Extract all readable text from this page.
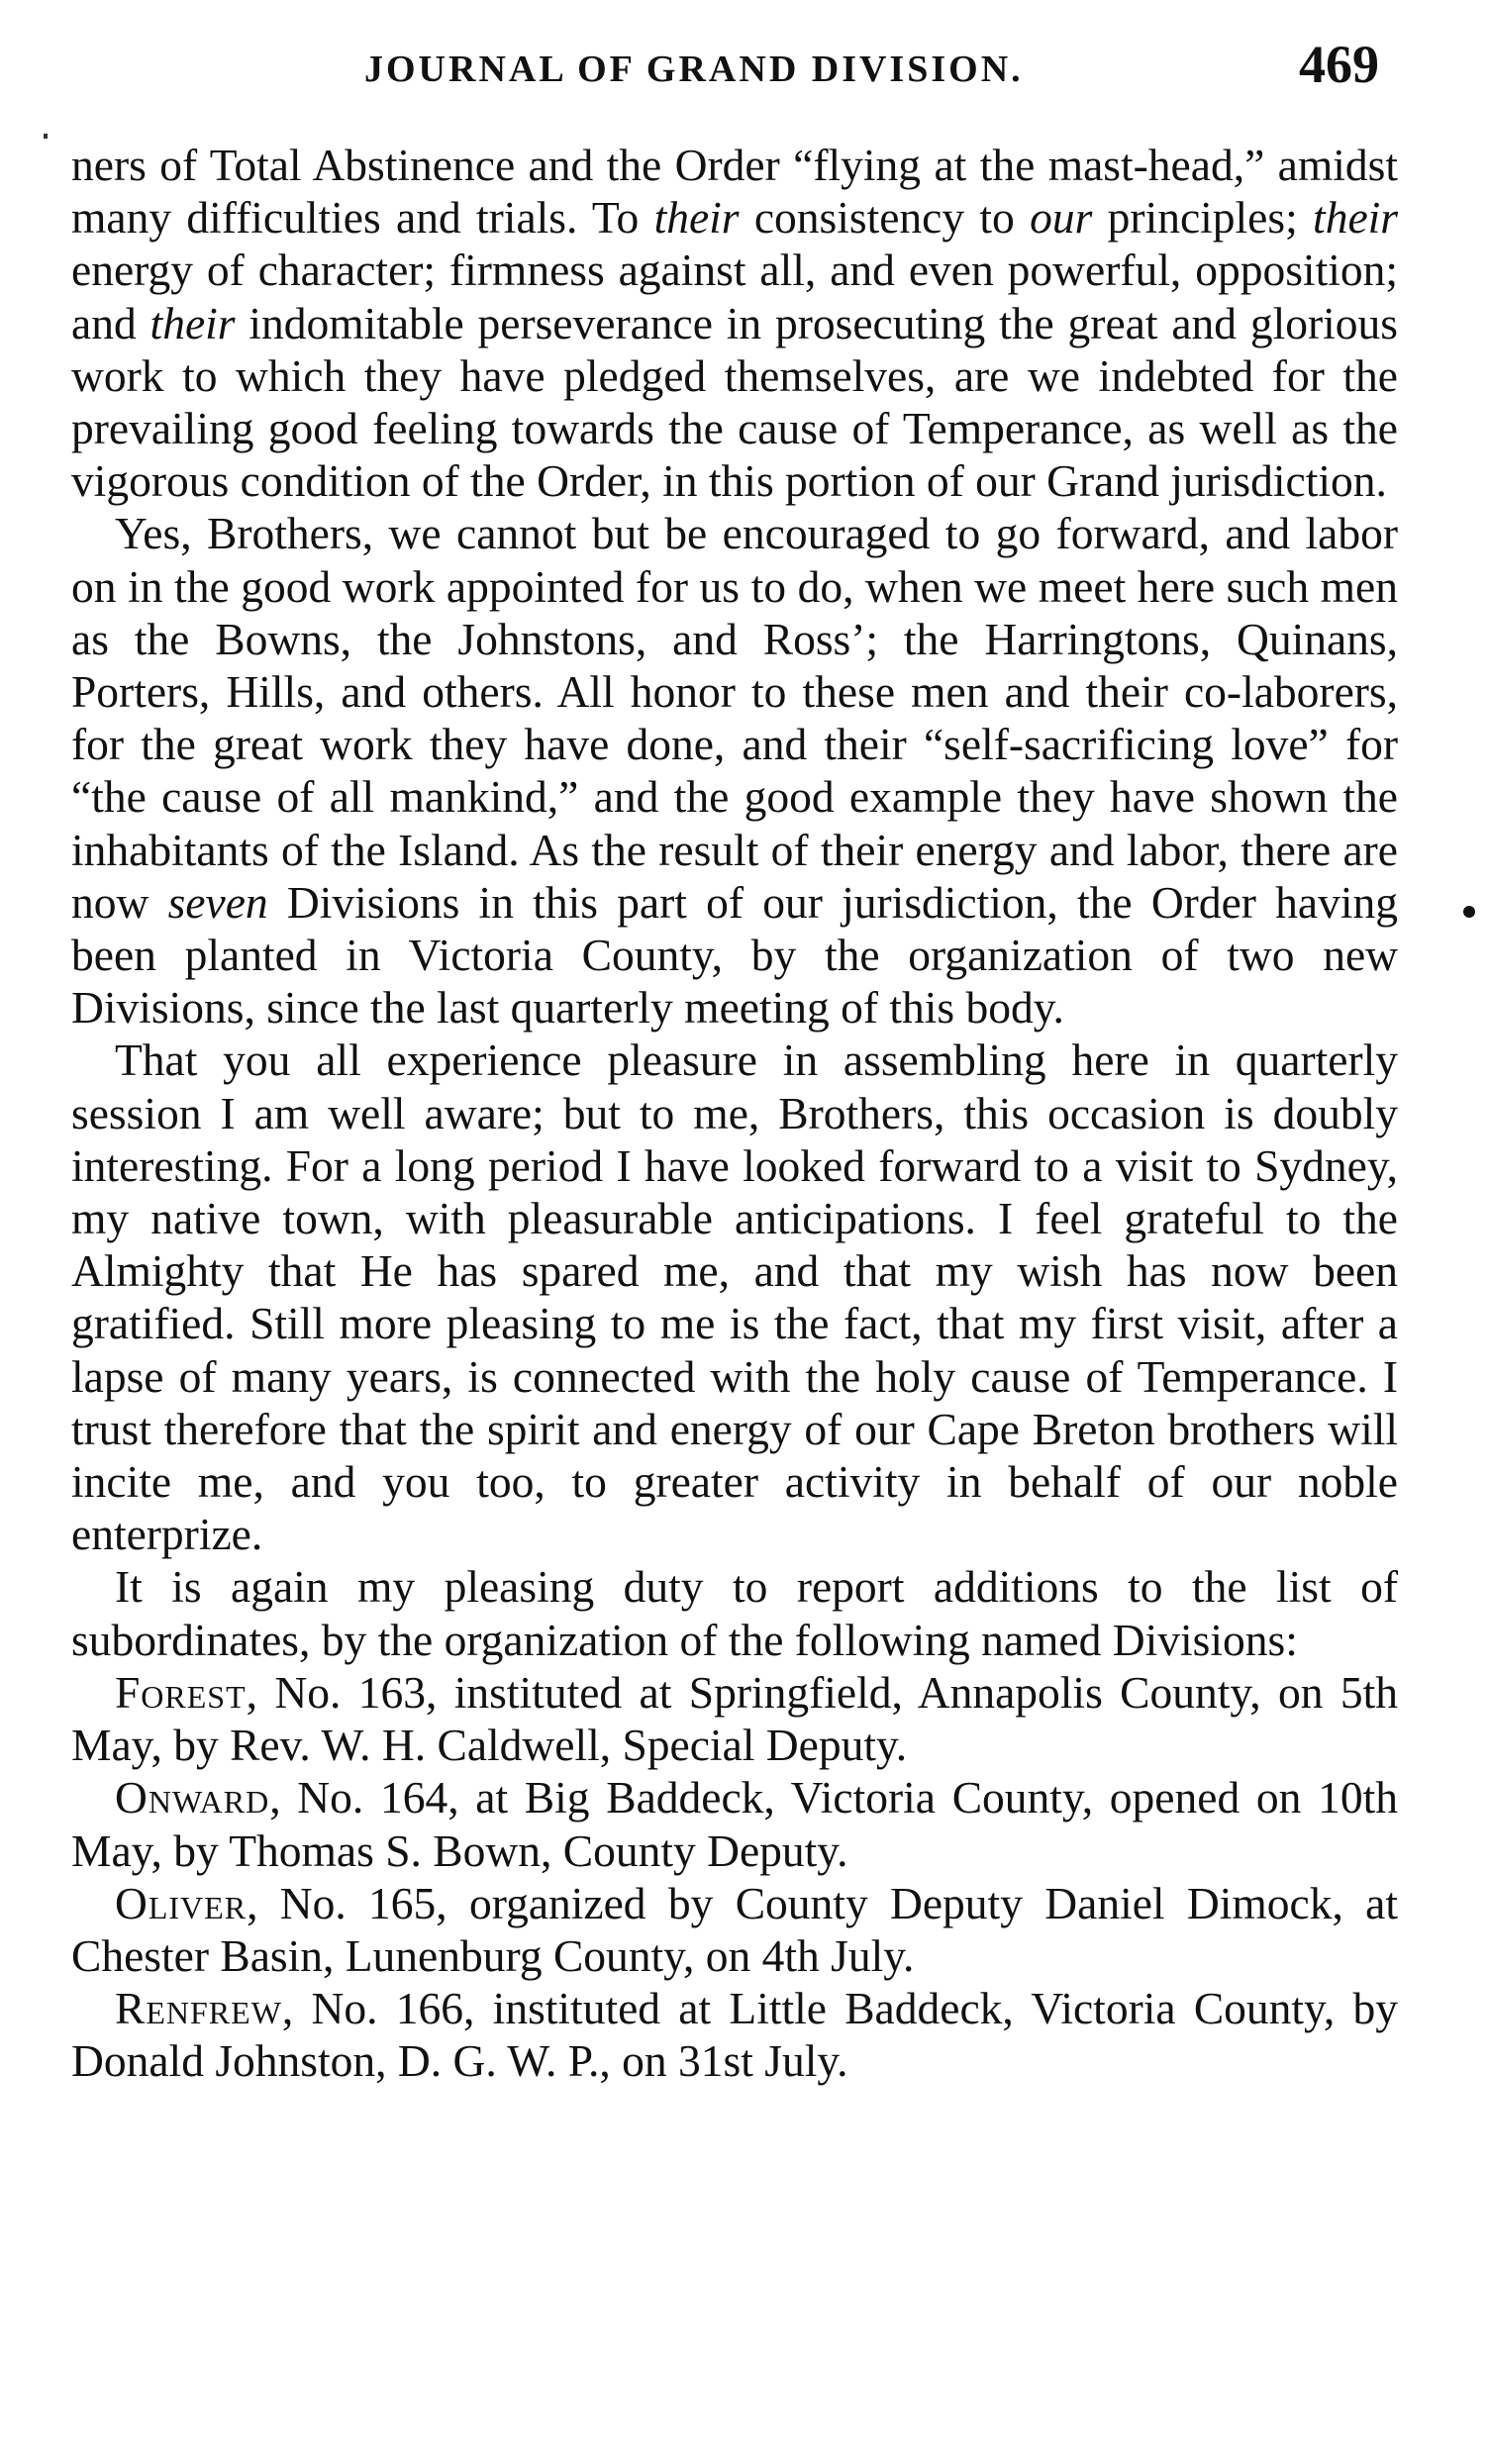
JOURNAL OF GRAND DIVISION.	469

ners of Total Abstinence and the Order “flying at the mast-head,” amidst many difficulties and trials. To their consistency to our principles; their energy of character; firmness against all, and even powerful, opposition; and their indomitable perseverance in prosecuting the great and glorious work to which they have pledged themselves, are we indebted for the prevailing good feeling towards the cause of Temperance, as well as the vigorous condition of the Order, in this portion of our Grand jurisdiction.

Yes, Brothers, we cannot but be encouraged to go forward, and labor on in the good work appointed for us to do, when we meet here such men as the Bowns, the Johnstons, and Ross’; the Harringtons, Quinans, Porters, Hills, and others. All honor to these men and their co-laborers, for the great work they have done, and their “self-sacrificing love” for “the cause of all mankind,” and the good example they have shown the inhabitants of the Island. As the result of their energy and labor, there are now seven Divisions in this part of our jurisdiction, the Order having been planted in Victoria County, by the organization of two new Divisions, since the last quarterly meeting of this body.

That you all experience pleasure in assembling here in quarterly session I am well aware; but to me, Brothers, this occasion is doubly interesting. For a long period I have looked forward to a visit to Sydney, my native town, with pleasurable anticipations. I feel grateful to the Almighty that He has spared me, and that my wish has now been gratified. Still more pleasing to me is the fact, that my first visit, after a lapse of many years, is connected with the holy cause of Temperance. I trust therefore that the spirit and energy of our Cape Breton brothers will incite me, and you too, to greater activity in behalf of our noble enterprize.

It is again my pleasing duty to report additions to the list of subordinates, by the organization of the following named Divisions:

Forest, No. 163, instituted at Springfield, Annapolis County, on 5th May, by Rev. W. H. Caldwell, Special Deputy.

Onward, No. 164, at Big Baddeck, Victoria County, opened on 10th May, by Thomas S. Bown, County Deputy.

Oliver, No. 165, organized by County Deputy Daniel Dimock, at Chester Basin, Lunenburg County, on 4th July.

Renfrew, No. 166, instituted at Little Baddeck, Victoria County, by Donald Johnston, D. G. W. P., on 31st July.
